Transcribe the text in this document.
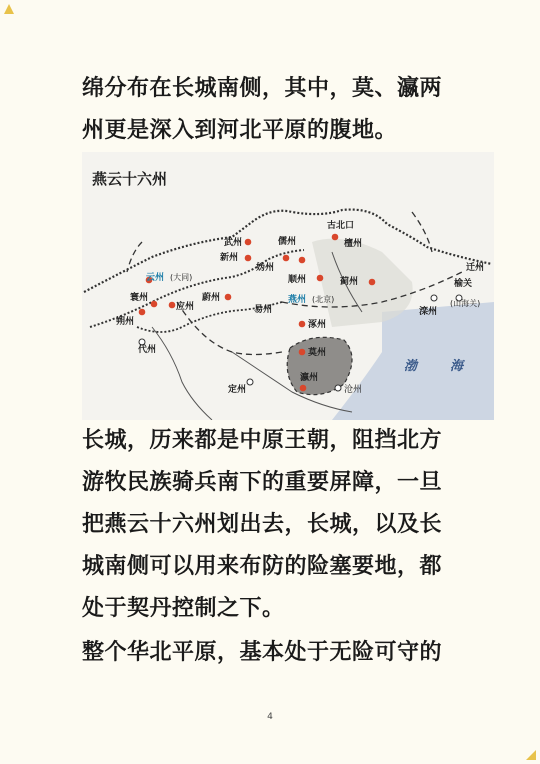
绵分布在长城南侧，其中，莫、瀛两
州更是深入到河北平原的腹地。

燕云十六州
古北口
武州	儒州	檀州
新州
妫州
顺州	蓟州
迁州
榆关
(山海关)
滦州
云州 (大同)
寰州
应州
蔚州	燕州 (北京)
易州
朔州	涿州
代州	莫州
瀛州
定州	沧州
渤	海

长城，历来都是中原王朝，阻挡北方
游牧民族骑兵南下的重要屏障，一旦
把燕云十六州划出去，长城，以及长
城南侧可以用来布防的险塞要地，都
处于契丹控制之下。

整个华北平原，基本处于无险可守的

4
